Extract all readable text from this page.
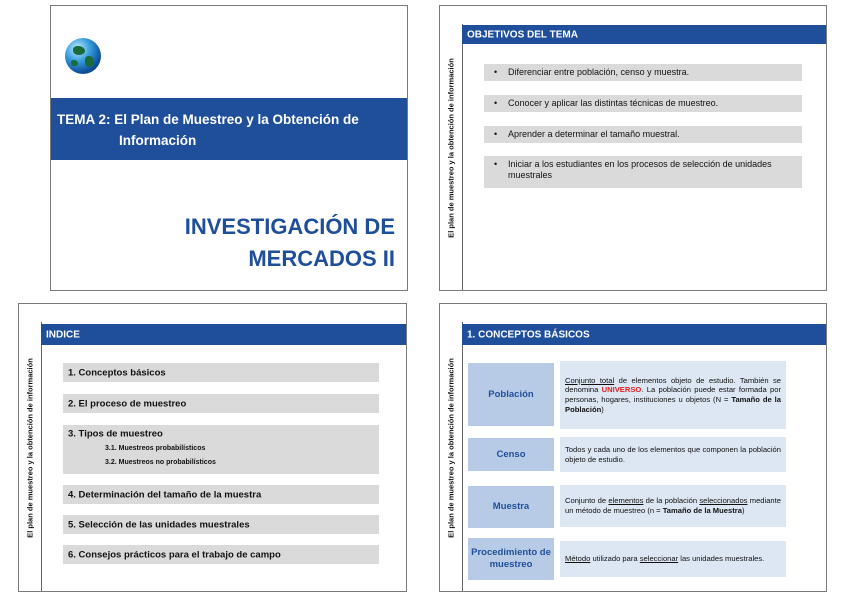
TEMA 2: El Plan de Muestreo y la Obtención de
Información
INVESTIGACIÓN DE
MERCADOS II
El plan de muestreo y la obtención de información
OBJETIVOS DEL TEMA
• Diferenciar entre población, censo y muestra.
• Conocer y aplicar las distintas técnicas de muestreo.
• Aprender a determinar el tamaño muestral.
• Iniciar a los estudiantes en los procesos de selección de unidades muestrales
El plan de muestreo y la obtención de información
INDICE
1. Conceptos básicos
2. El proceso de muestreo
3. Tipos de muestreo
3.1. Muestreos probabilísticos
3.2. Muestreos no probabilísticos
4. Determinación del tamaño de la muestra
5. Selección de las unidades muestrales
6. Consejos prácticos para el trabajo de campo
El plan de muestreo y la obtención de información
1. CONCEPTOS BÁSICOS
Población
Conjunto total de elementos objeto de estudio. También se denomina UNIVERSO. La población puede estar formada por personas, hogares, instituciones u objetos (N = Tamaño de la Población)
Censo	Todos y cada uno de los elementos que componen la población objeto de estudio.
Muestra
Conjunto de elementos de la población seleccionados mediante un método de muestreo (n = Tamaño de la Muestra)
Procedimiento de muestreo
Método utilizado para seleccionar las unidades muestrales.
